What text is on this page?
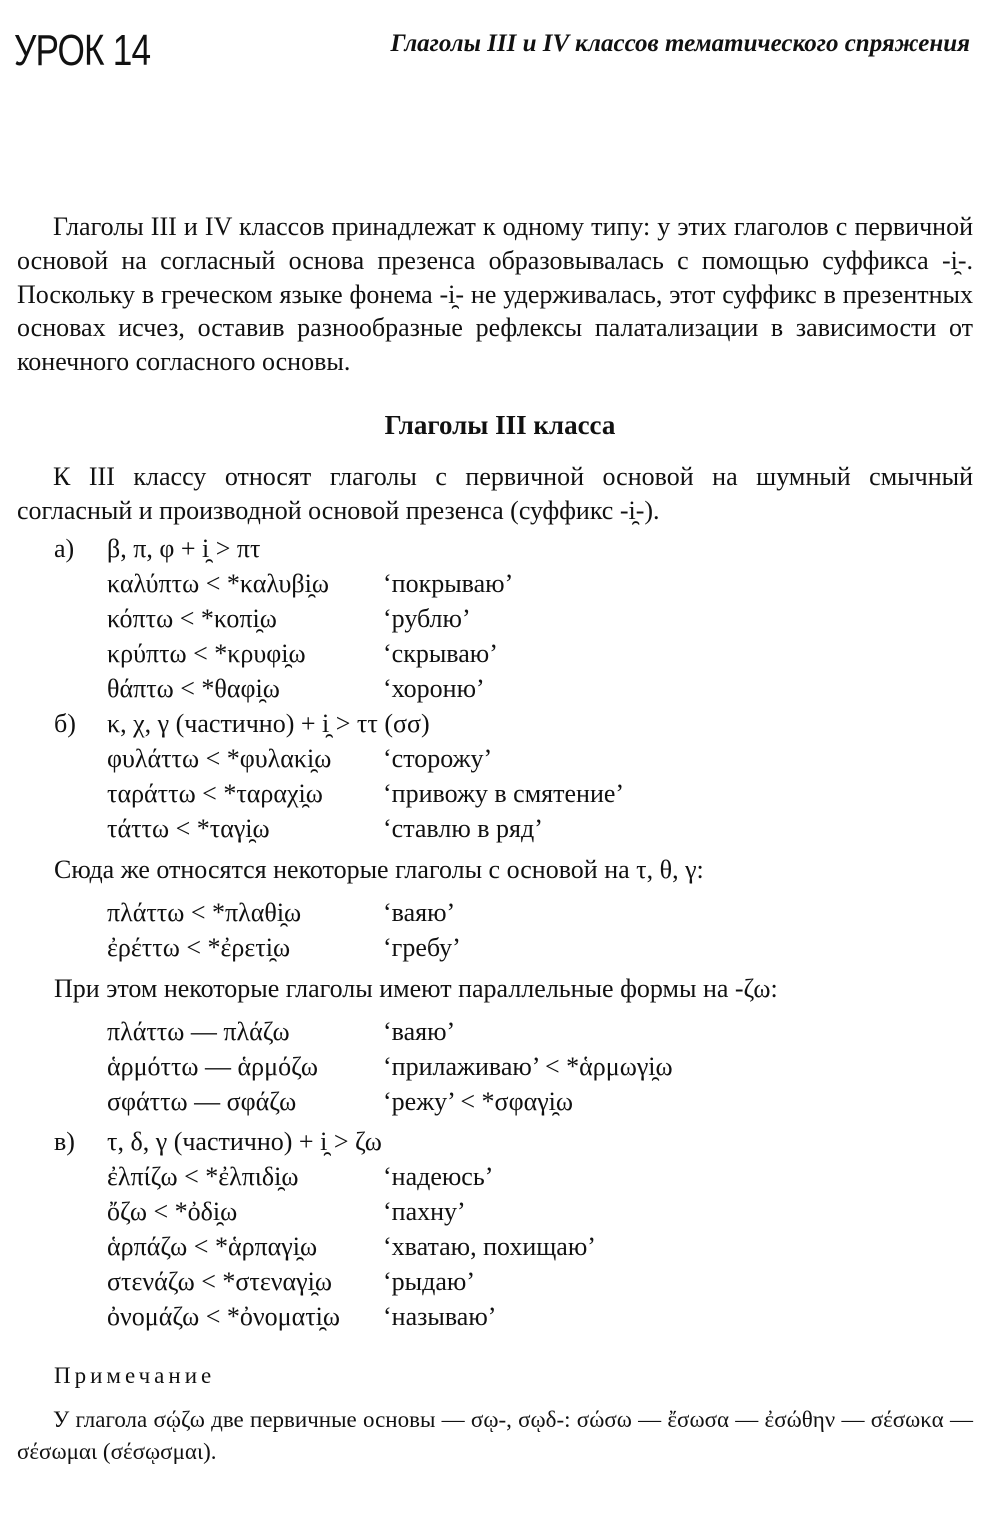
УРОК 14	Глаголы III и IV классов тематического спряжения

Глаголы III и IV классов принадлежат к одному типу: у этих глаголов с первичной основой на согласный основа презенса образовывалась с помощью суффикса -i̯-. Поскольку в греческом языке фонема -i̯- не удерживалась, этот суффикс в презентных основах исчез, оставив разнообразные рефлексы палатализации в зависимости от конечного согласного основы.

Глаголы III класса

К III классу относят глаголы с первичной основой на шумный смычный согласный и производной основой презенса (суффикс -i̯-).

а) β, π, φ + i̯ > πτ
καλύπτω < *καλυβi̯ω ‘покрываю’
κόπτω < *κοπi̯ω	‘рублю’
κρύπτω < *κρυφi̯ω	‘скрываю’
θάπτω < *θαφi̯ω	‘хороню’
б) κ, χ, γ (частично) + i̯ > ττ (σσ)
φυλάττω < *φυλακi̯ω ‘сторожу’
ταράττω < *ταραχi̯ω ‘привожу в смятение’
τάττω < *ταγi̯ω	‘ставлю в ряд’
Сюда же относятся некоторые глаголы с основой на τ, θ, γ:
πλάττω < *πλαθi̯ω	‘ваяю’
ἐρέττω < *ἐρετi̯ω	‘гребу’
При этом некоторые глаголы имеют параллельные формы на -ζω:
πλάττω — πλάζω	‘ваяю’
ἁρμόττω — ἁρμόζω ‘прилаживаю’ < *ἁρμωγi̯ω
σφάττω — σφάζω	‘режу’ < *σφαγi̯ω
в) τ, δ, γ (частично) + i̯ > ζω
ἐλπίζω < *ἐλπιδi̯ω	‘надеюсь’
ὄζω < *ὀδi̯ω	‘пахну’
ἁρπάζω < *ἁρπαγi̯ω	‘хватаю, похищаю’
στενάζω < *στεναγi̯ω ‘рыдаю’
ὀνομάζω < *ὀνοματi̯ω ‘называю’
Примечание

У глагола σῴζω две первичные основы — σῳ-, σῳδ-: σώσω — ἔσωσα — ἐσώθην — σέσωκα — σέσωμαι (σέσῳσμαι).
